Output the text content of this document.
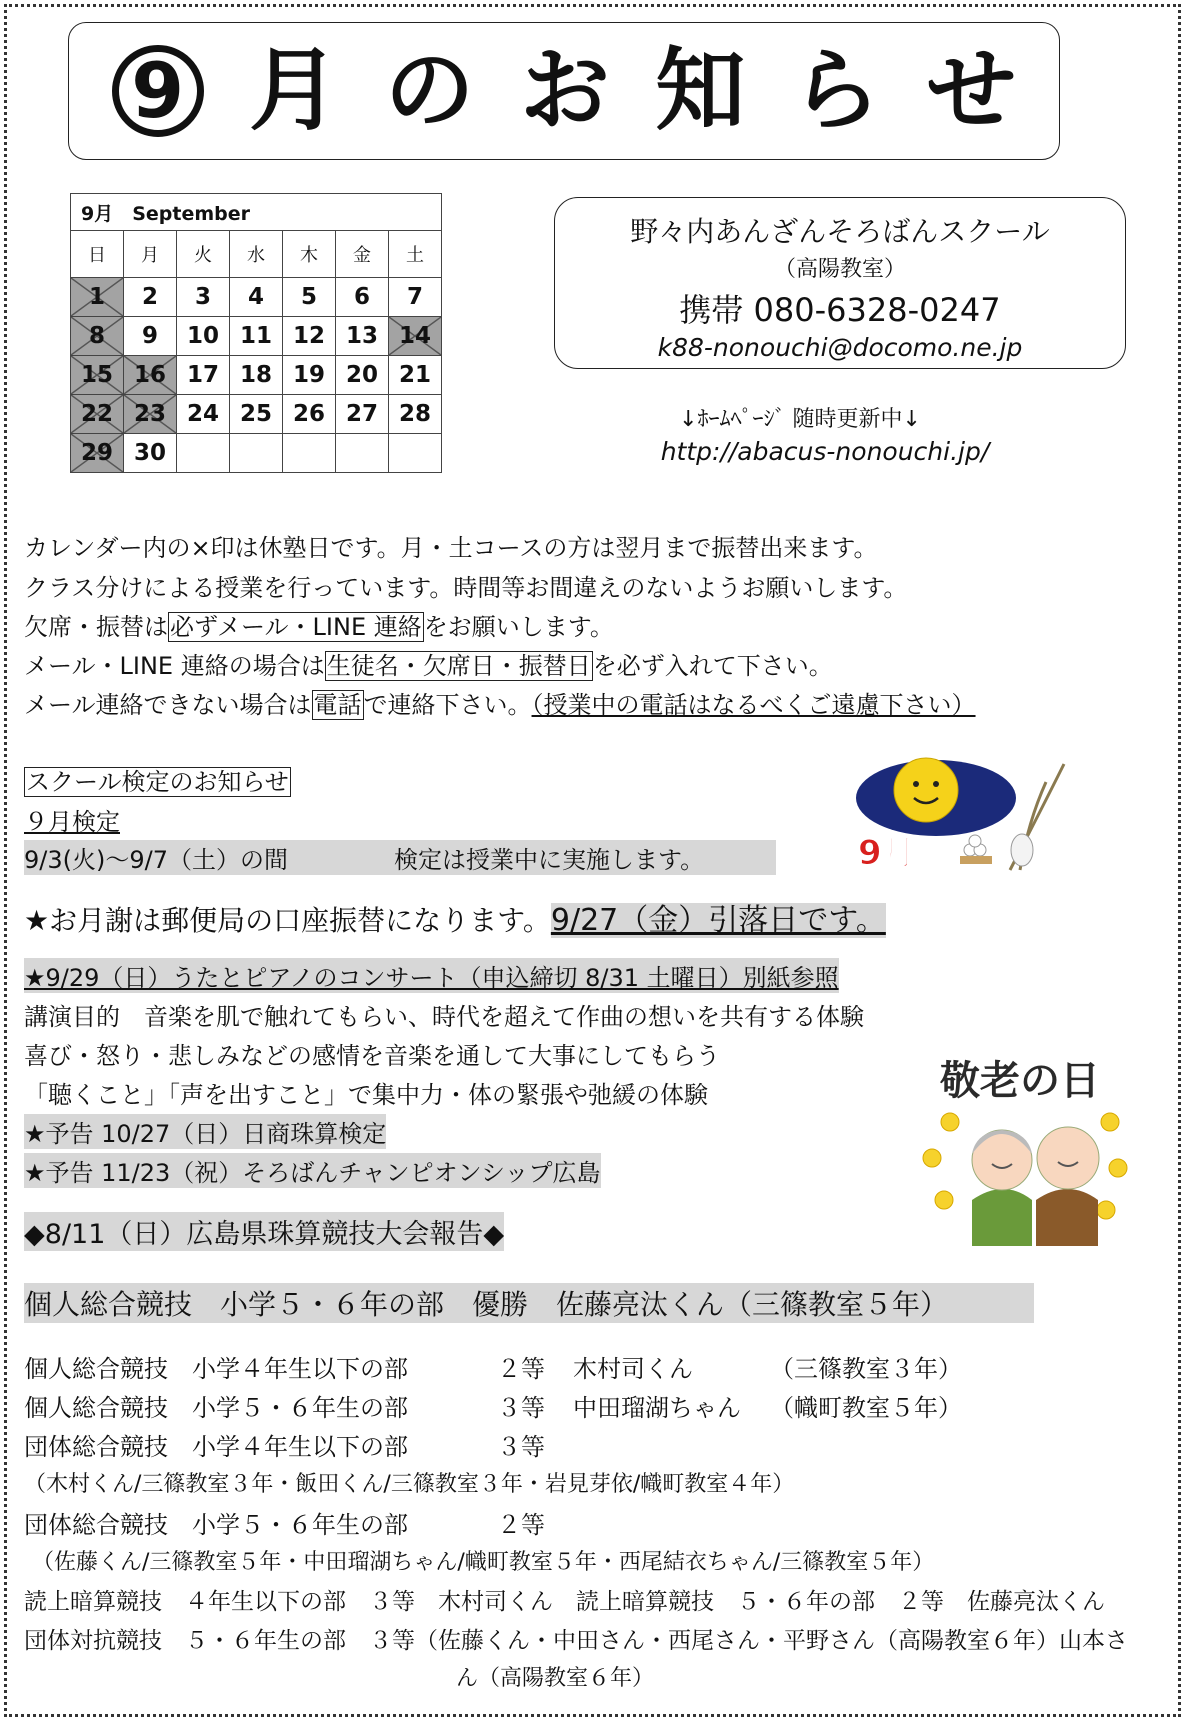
9 月 の お 知 ら せ
9月　September						
日	月	火	水	木	金	土

1	2	3	4	5	6	7

8	9	10	11	12	13	14

15	16	17	18	19	20	21

22	23	24	25	26	27	28

29	30					
野々内あんざんそろばんスクール
（高陽教室）
携帯 080-6328-0247
k88-nonouchi@docomo.ne.jp
↓ﾎｰﾑﾍﾟｰｼﾞ 随時更新中↓
http://abacus-nonouchi.jp/
カレンダー内の×印は休塾日です。月・土コースの方は翌月まで振替出来ます。
クラス分けによる授業を行っています。時間等お間違えのないようお願いします。
欠席・振替は必ずメール・LINE 連絡をお願いします。
メール・LINE 連絡の場合は生徒名・欠席日・振替日を必ず入れて下さい。
メール連絡できない場合は電話で連絡下さい。（授業中の電話はなるべくご遠慮下さい）
スクール検定のお知らせ
９月検定
9/3(火)～9/7（土）の間	検定は授業中に実施します。	9月
★お月謝は郵便局の口座振替になります。9/27（金）引落日です。
★9/29（日）うたとピアノのコンサート（申込締切 8/31 土曜日）別紙参照
講演目的　音楽を肌で触れてもらい、時代を超えて作曲の想いを共有する体験
喜び・怒り・悲しみなどの感情を音楽を通して大事にしてもらう
「聴くこと」「声を出すこと」で集中力・体の緊張や弛緩の体験
★予告 10/27（日）日商珠算検定
★予告 11/23（祝）そろばんチャンピオンシップ広島
敬老の日
◆8/11（日）広島県珠算競技大会報告◆
個人総合競技　小学５・６年の部　優勝　佐藤亮汰くん（三篠教室５年）
個人総合競技　小学４年生以下の部	２等 木村司くん	（三篠教室３年）
個人総合競技　小学５・６年生の部	３等 中田瑠湖ちゃん （幟町教室５年）
団体総合競技　小学４年生以下の部	３等
（木村くん/三篠教室３年・飯田くん/三篠教室３年・岩見芽依/幟町教室４年）
団体総合競技　小学５・６年生の部	２等
（佐藤くん/三篠教室５年・中田瑠湖ちゃん/幟町教室５年・西尾結衣ちゃん/三篠教室５年）
読上暗算競技　４年生以下の部　３等　木村司くん　読上暗算競技　５・６年の部　２等　佐藤亮汰くん
団体対抗競技　５・６年生の部　３等（佐藤くん・中田さん・西尾さん・平野さん（高陽教室６年）山本さ
ん（高陽教室６年）
